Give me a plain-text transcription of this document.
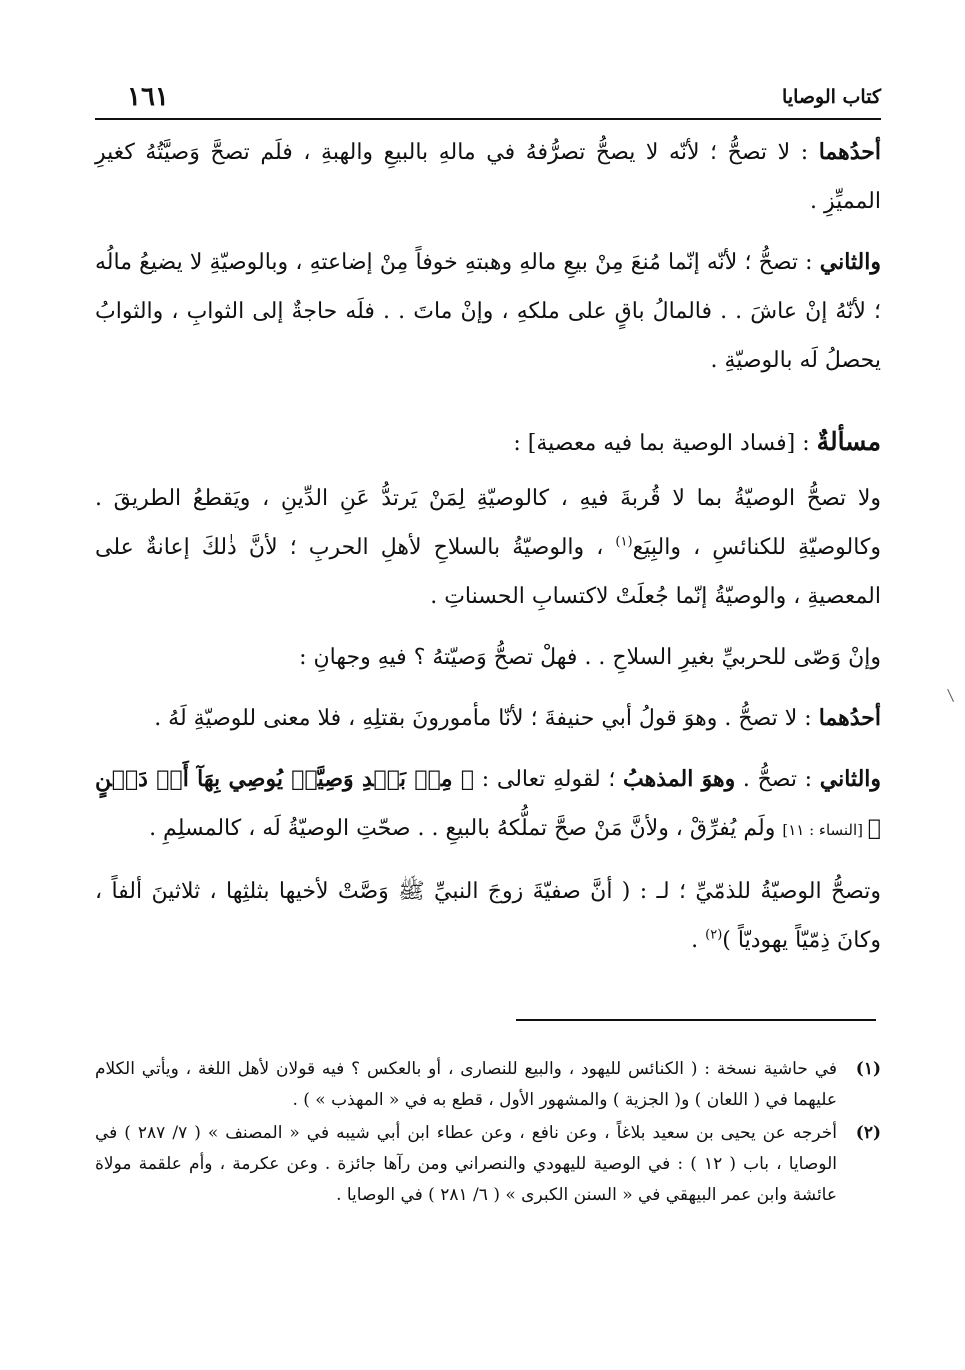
كتاب الوصايا
١٦١

أحدُهما : لا تصحُّ ؛ لأنّه لا يصحُّ تصرُّفهُ في مالهِ بالبيعِ والهبةِ ، فلَم تصحَّ وَصيَّتُهُ كغيرِ المميِّزِ .

والثاني : تصحُّ ؛ لأنّه إنّما مُنعَ مِنْ بيعِ مالهِ وهبتهِ خوفاً مِنْ إضاعتهِ ، وبالوصيّةِ لا يضيعُ مالُه ؛ لأنّهُ إنْ عاشَ . . فالمالُ باقٍ على ملكهِ ، وإنْ ماتَ . . فلَه حاجةٌ إلى الثوابِ ، والثوابُ يحصلُ لَه بالوصيّةِ .

مسألةٌ : [فساد الوصية بما فيه معصية] :

ولا تصحُّ الوصيّةُ بما لا قُربةَ فيهِ ، كالوصيّةِ لِمَنْ يَرتدُّ عَنِ الدِّينِ ، ويَقطعُ الطريقَ . وكالوصيّةِ للكنائسِ ، والبِيَع$^{(١)}$ ، والوصيّةُ بالسلاحِ لأهلِ الحربِ ؛ لأنَّ ذٰلكَ إعانةٌ على المعصيةِ ، والوصيّةُ إنّما جُعلَتْ لاكتسابِ الحسناتِ .

وإنْ وَصّى للحربيِّ بغيرِ السلاحِ . . فهلْ تصحُّ وَصيّتهُ ؟ فيهِ وجهانِ :

أحدُهما : لا تصحُّ . وهوَ قولُ أبي حنيفةَ ؛ لأنّا مأمورونَ بقتلِهِ ، فلا معنى للوصيّةِ لَهُ .

والثاني : تصحُّ . وهوَ المذهبُ ؛ لقولهِ تعالى : ﴿ مِنۢ بَعۡدِ وَصِيَّةٖ يُوصِي بِهَآ أَوۡ دَيۡنٍ ﴾ [النساء : ١١] ولَم يُفرِّقْ ، ولأنَّ مَنْ صحَّ تملُّكهُ بالبيعِ . . صحّتِ الوصيّةُ لَه ، كالمسلِمِ .

وتصحُّ الوصيّةُ للذمّيِّ ؛ لـ : ( أنَّ صفيّةَ زوجَ النبيِّ ﷺ وَصَّتْ لأخيها بثلثِها ، ثلاثينَ ألفاً ، وكانَ ذِمّيّاً يهوديّاً )$^{(٢)}$ .

(١)
في حاشية نسخة : ( الكنائس لليهود ، والبيع للنصارى ، أو بالعكس ؟ فيه قولان لأهل اللغة ، ويأتي الكلام عليهما في ( اللعان ) و( الجزية ) والمشهور الأول ، قطع به في « المهذب » ) .
(٢)
أخرجه عن يحيى بن سعيد بلاغاً ، وعن نافع ، وعن عطاء ابن أبي شيبه في « المصنف » ( ٧/ ٢٨٧ ) في الوصايا ، باب ( ١٢ ) : في الوصية لليهودي والنصراني ومن رآها جائزة . وعن عكرمة ، وأم علقمة مولاة عائشة وابن عمر البيهقي في « السنن الكبرى » ( ٦/ ٢٨١ ) في الوصايا .
